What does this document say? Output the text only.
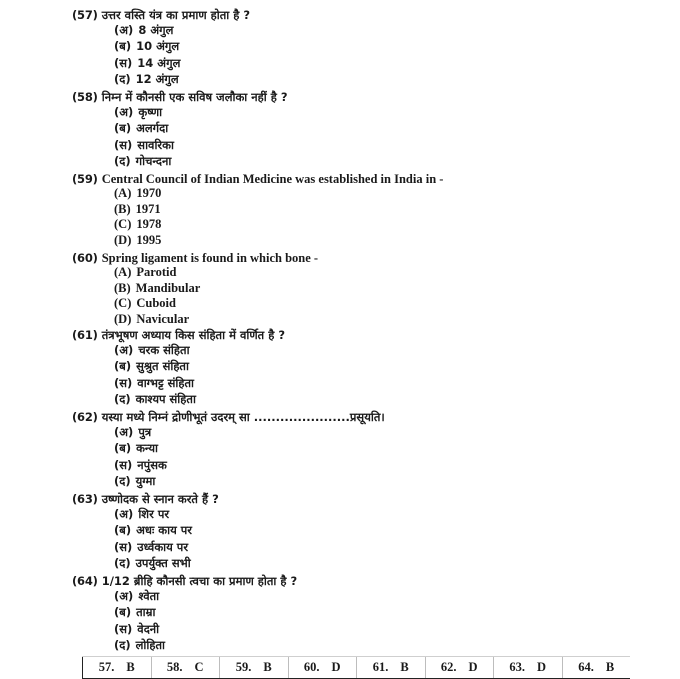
(57) उत्तर वस्ति यंत्र का प्रमाण होता है ?
(अ) 8 अंगुल
(ब) 10 अंगुल
(स) 14 अंगुल
(द) 12 अंगुल
(58) निम्न में कौनसी एक सविष जलौका नहीं है ?
(अ) कृष्णा
(ब) अलर्गदा
(स) सावरिका
(द) गोचन्दना
(59) Central Council of Indian Medicine was established in India in -
(A) 1970
(B) 1971
(C) 1978
(D) 1995
(60) Spring ligament is found in which bone -
(A) Parotid
(B) Mandibular
(C) Cuboid
(D) Navicular
(61) तंत्रभूषण अध्याय किस संहिता में वर्णित है ?
(अ) चरक संहिता
(ब) सुश्रुत संहिता
(स) वाग्भट्ट संहिता
(द) काश्यप संहिता
(62) यस्या मध्ये निम्नं द्रोणीभूतं उदरम् सा ......................प्रसूयति।
(अ) पुत्र
(ब) कन्या
(स) नपुंसक
(द) युग्मा
(63) उष्णोदक से स्नान करते हैं ?
(अ) शिर पर
(ब) अधः काय पर
(स) उर्ध्वकाय पर
(द) उपर्युक्त सभी
(64) 1/12 ब्रीहि कौनसी त्वचा का प्रमाण होता है ?
(अ) श्वेता
(ब) ताम्रा
(स) वेदनी
(द) लोहिता
57. B	58. C	59. B	60. D	61. B	62. D	63. D	64. B
